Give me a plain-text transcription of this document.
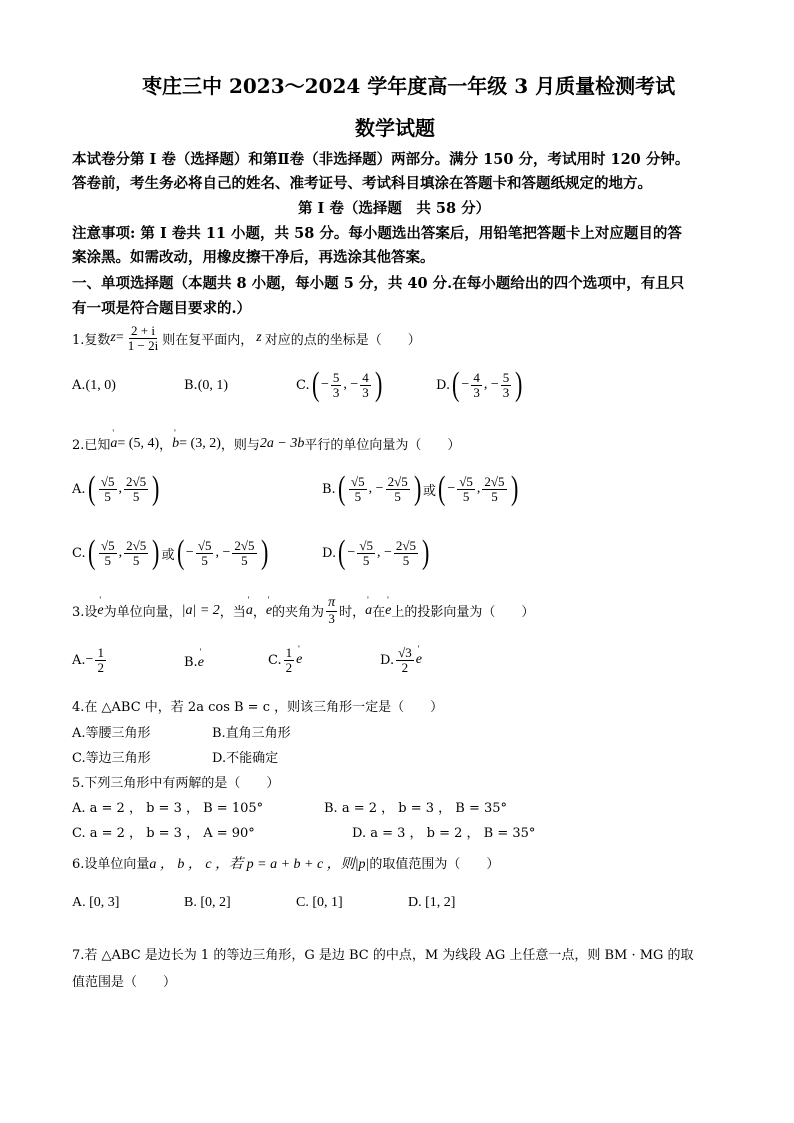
枣庄三中 2023～2024 学年度高一年级 3 月质量检测考试
数学试题
本试卷分第 I 卷（选择题）和第Ⅱ卷（非选择题）两部分。满分 150 分，考试用时 120 分钟。
答卷前，考生务必将自己的姓名、准考证号、考试科目填涂在答题卡和答题纸规定的地方。
第 I 卷（选择题　共 58 分）
注意事项: 第 I 卷共 11 小题，共 58 分。每小题选出答案后，用铅笔把答题卡上对应题目的答
案涂黑。如需改动，用橡皮擦干净后，再选涂其他答案。
一、单项选择题（本题共 8 小题，每小题 5 分，共 40 分.在每小题给出的四个选项中，有且只
有一项是符合题目要求的.）
1.复数 $z = \frac{2 + i}{1 - 2i}$ 则在复平面内， z 对应的点的坐标是（　　）
A.(1, 0)	B.(0, 1)	C. ( − $\frac{5}{3}$ , − $\frac{4}{3}$ )	D. ( − $\frac{4}{3}$ , − $\frac{5}{3}$ )
2.已知 ' a = (5, 4) ， ' b = (3, 2) ，则与 2a − 3b 平行的单位向量为（　　）
A. ( $\frac{√5}{5}$ , $\frac{2√5}{5}$ )	B. ( $\frac{√5}{5}$ , − $\frac{2√5}{5}$ ) 或 ( − $\frac{√5}{5}$ , $\frac{2√5}{5}$ )
C. ( $\frac{√5}{5}$ , $\frac{2√5}{5}$ ) 或 ( − $\frac{√5}{5}$ , − $\frac{2√5}{5}$ )	D. ( − $\frac{√5}{5}$ , − $\frac{2√5}{5}$ )
3.设 ' e 为单位向量， |a| = 2 ，当 ' a ， ' e 的夹角为 $\frac{\pi}{3}$ 时， ' a 在 ' e 上的投影向量为（　　）
A. − $\frac{1}{2}$	B.' e	C. $\frac{1}{2}$ ' e	D. $\frac{√3}{2}$ ' e
4.在 △ABC 中，若 2a cos B = c ，则该三角形一定是（　　）
A.等腰三角形	B.直角三角形
C.等边三角形	D.不能确定
5.下列三角形中有两解的是（　　）
A. a = 2 ， b = 3 ， B = 105°	B. a = 2 ， b = 3 ， B = 35°
C. a = 2 ， b = 3 ， A = 90°	D. a = 3 ， b = 2 ， B = 35°
6.设单位向量a ， b ， c ，若 p = a + b + c ，则|p|的取值范围为（　　）
A. [0, 3]	B. [0, 2]	C. [0, 1]	D. [1, 2]
7.若 △ABC 是边长为 1 的等边三角形，G 是边 BC 的中点，M 为线段 AG 上任意一点，则 BM · MG 的取
值范围是（　　）
